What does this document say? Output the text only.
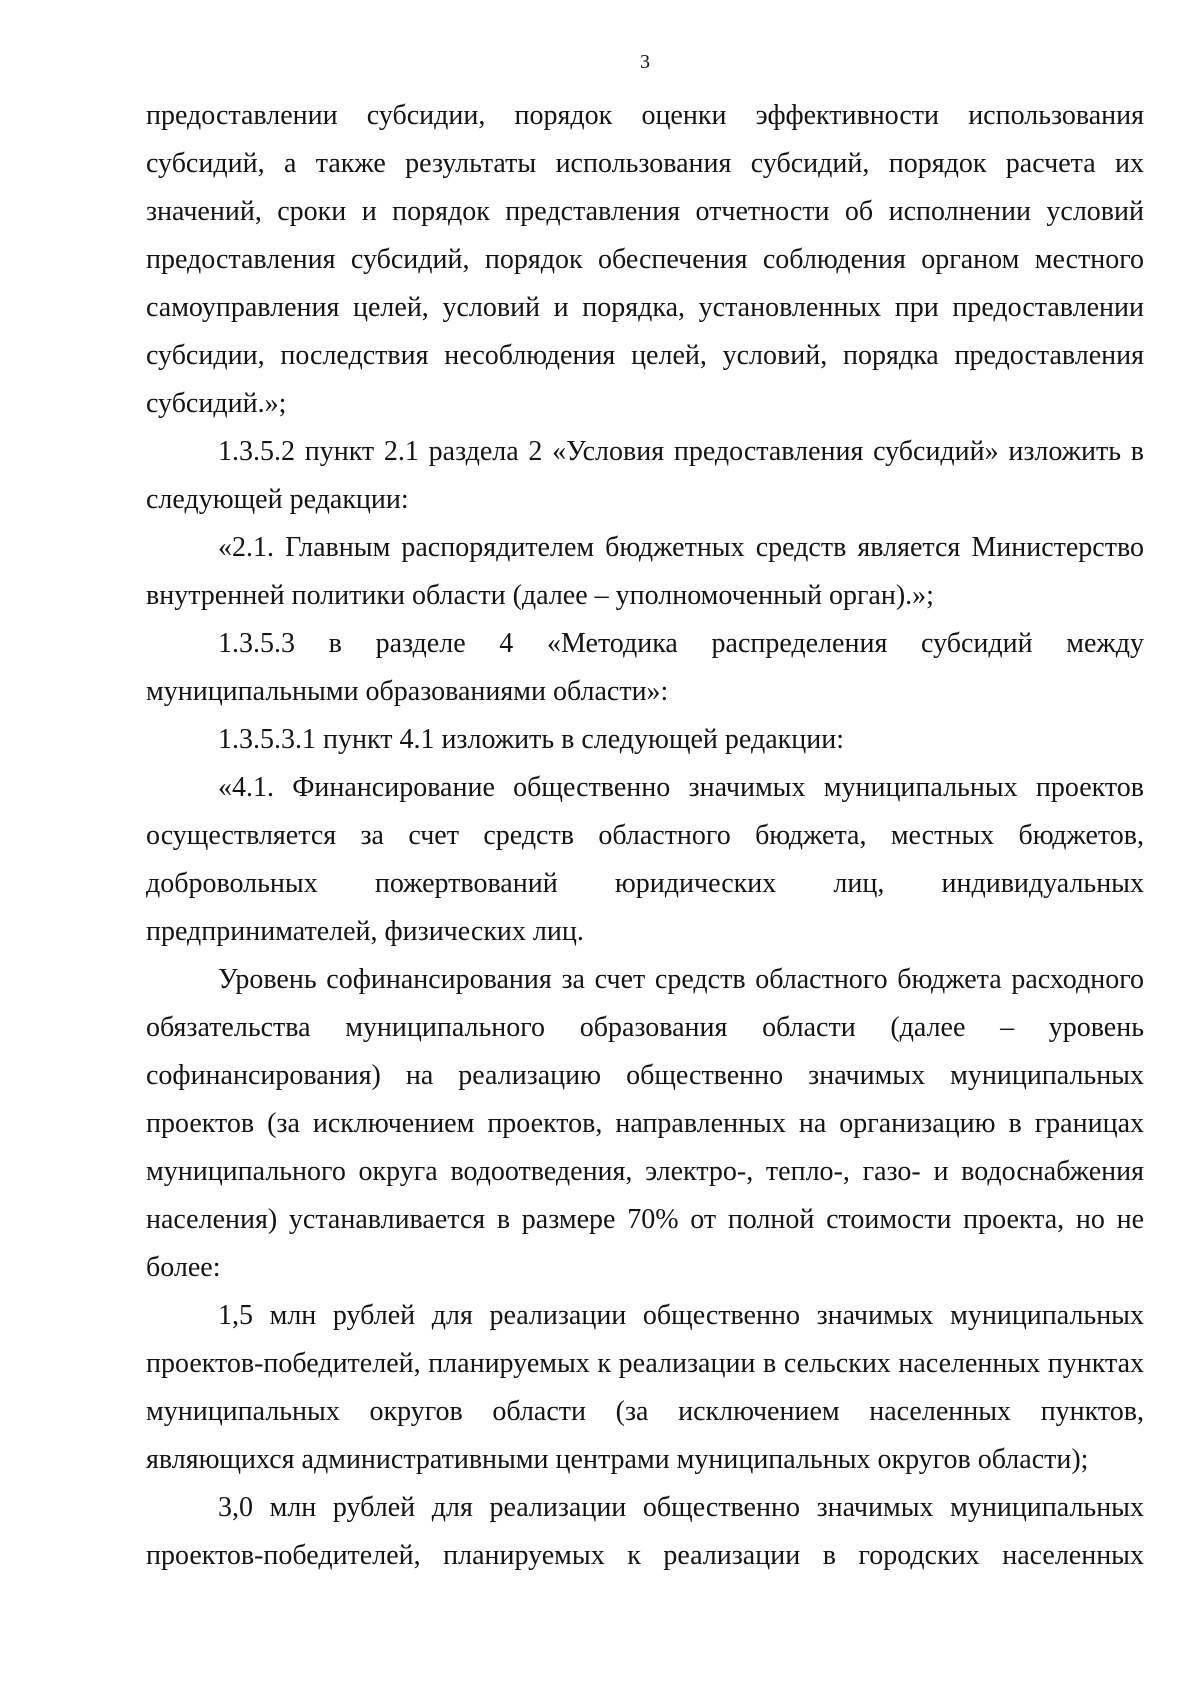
3

предоставлении субсидии, порядок оценки эффективности использования субсидий, а также результаты использования субсидий, порядок расчета их значений, сроки и порядок представления отчетности об исполнении условий предоставления субсидий, порядок обеспечения соблюдения органом местного самоуправления целей, условий и порядка, установленных при предоставлении субсидии, последствия несоблюдения целей, условий, порядка предоставления субсидий.»;

1.3.5.2 пункт 2.1 раздела 2 «Условия предоставления субсидий» изложить в следующей редакции:

«2.1. Главным распорядителем бюджетных средств является Министерство внутренней политики области (далее – уполномоченный орган).»;

1.3.5.3 в разделе 4 «Методика распределения субсидий между муниципальными образованиями области»:

1.3.5.3.1 пункт 4.1 изложить в следующей редакции:

«4.1. Финансирование общественно значимых муниципальных проектов осуществляется за счет средств областного бюджета, местных бюджетов, добровольных пожертвований юридических лиц, индивидуальных предпринимателей, физических лиц.

Уровень софинансирования за счет средств областного бюджета расходного обязательства муниципального образования области (далее – уровень софинансирования) на реализацию общественно значимых муниципальных проектов (за исключением проектов, направленных на организацию в границах муниципального округа водоотведения, электро-, тепло-, газо- и водоснабжения населения) устанавливается в размере 70% от полной стоимости проекта, но не более:

1,5 млн рублей для реализации общественно значимых муниципальных проектов-победителей, планируемых к реализации в сельских населенных пунктах муниципальных округов области (за исключением населенных пунктов, являющихся административными центрами муниципальных округов области);

3,0 млн рублей для реализации общественно значимых муниципальных проектов-победителей, планируемых к реализации в городских населенных
